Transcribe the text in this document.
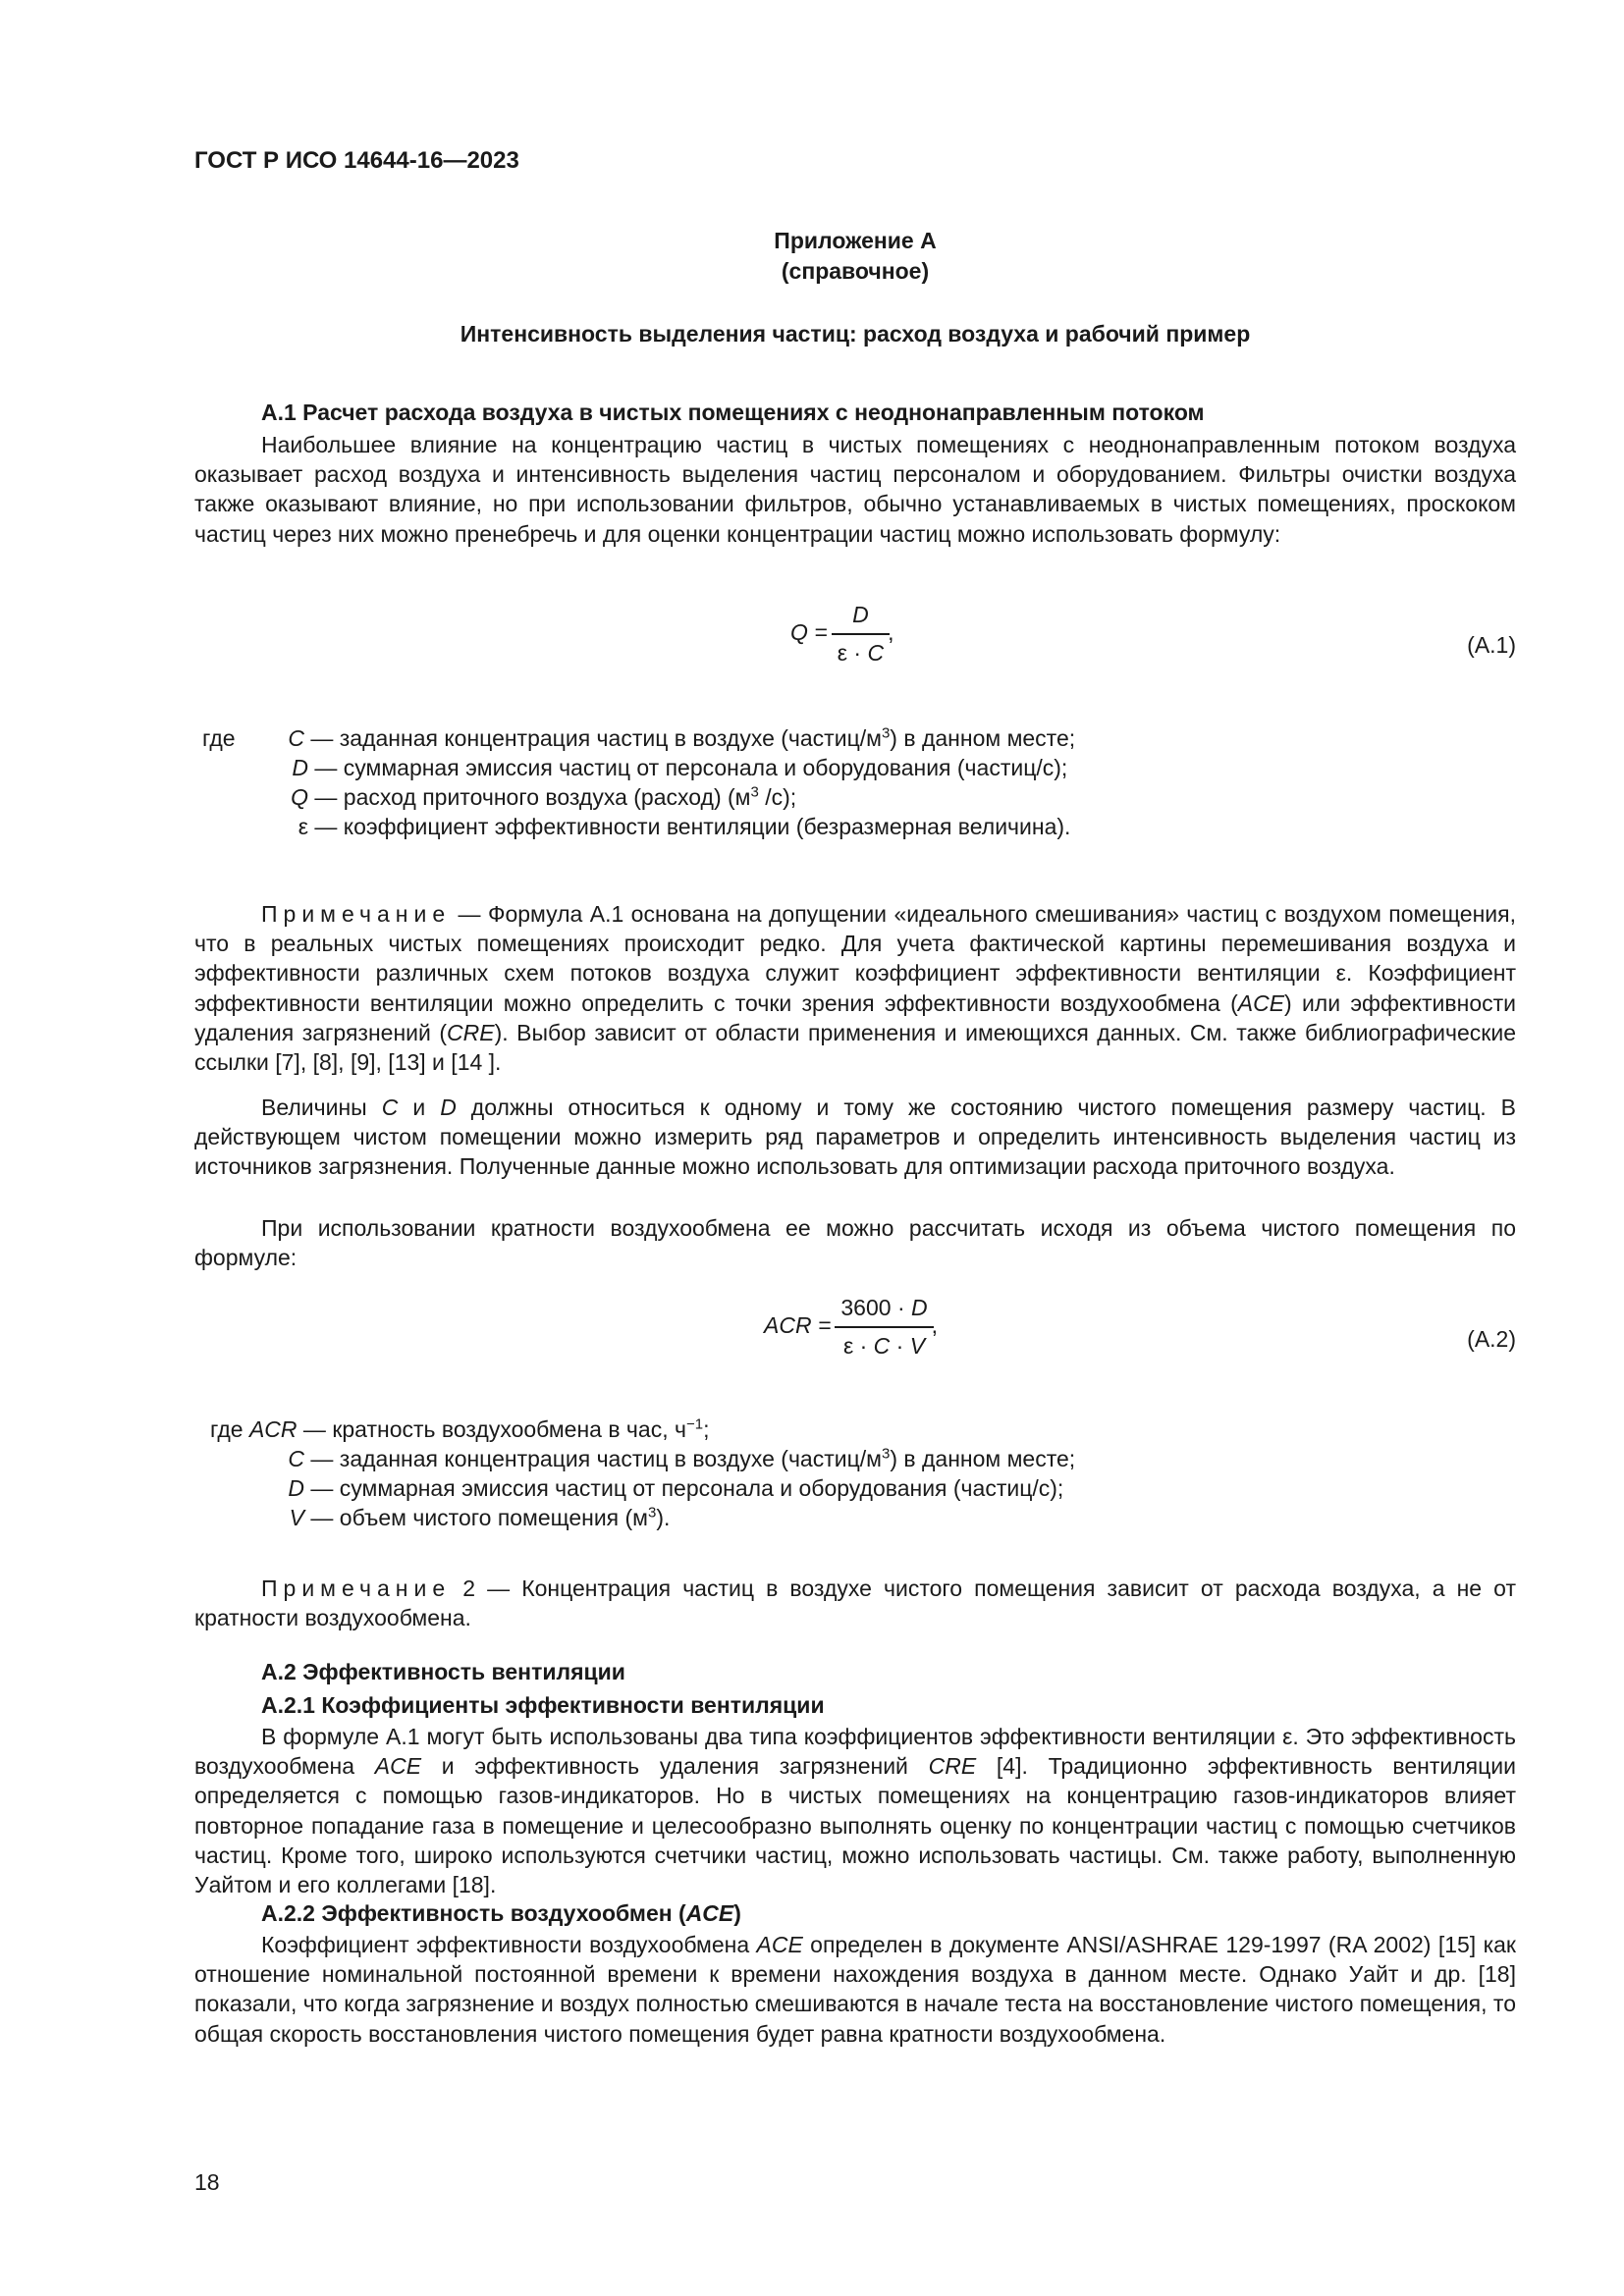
ГОСТ Р ИСО 14644-16—2023
Приложение А
(справочное)
Интенсивность выделения частиц: расход воздуха и рабочий пример
А.1 Расчет расхода воздуха в чистых помещениях с неоднонаправленным потоком
Наибольшее влияние на концентрацию частиц в чистых помещениях с неоднонаправленным потоком воздуха оказывает расход воздуха и интенсивность выделения частиц персоналом и оборудованием. Фильтры очистки воздуха также оказывают влияние, но при использовании фильтров, обычно устанавливаемых в чистых помещениях, проскоком частиц через них можно пренебречь и для оценки концентрации частиц можно использовать формулу:
$Q = \frac{D}{\varepsilon \cdot C}$
,	(А.1)
где C — заданная концентрация частиц в воздухе $(частиц/м^3)$ в данном месте;
D — суммарная эмиссия частиц от персонала и оборудования (частиц/с);
Q — расход приточного воздуха (расход) ($м^3$ /с);
ε — коэффициент эффективности вентиляции (безразмерная величина).
Примечание — Формула А.1 основана на допущении «идеального смешивания» частиц с воздухом помещения, что в реальных чистых помещениях происходит редко. Для учета фактической картины перемешивания воздуха и эффективности различных схем потоков воздуха служит коэффициент эффективности вентиляции ε. Коэффициент эффективности вентиляции можно определить с точки зрения эффективности воздухообмена (ACE) или эффективности удаления загрязнений (CRE). Выбор зависит от области применения и имеющихся данных. См. также библиографические ссылки [7], [8], [9], [13] и [14 ].
Величины C и D должны относиться к одному и тому же состоянию чистого помещения размеру частиц. В действующем чистом помещении можно измерить ряд параметров и определить интенсивность выделения частиц из источников загрязнения. Полученные данные можно использовать для оптимизации расхода приточного воздуха.
При использовании кратности воздухообмена ее можно рассчитать исходя из объема чистого помещения по формуле:
ACR = $\frac{3600 \cdot D}{\varepsilon \cdot C \cdot V}$
,
(А.2)
где ACR — кратность воздухообмена в час, $ч^{-1}$;
C — заданная концентрация частиц в воздухе $(частиц/м^3)$ в данном месте;
D — суммарная эмиссия частиц от персонала и оборудования (частиц/с);
V — объем чистого помещения $(м^3)$.
Примечание 2 — Концентрация частиц в воздухе чистого помещения зависит от расхода воздуха, а не от кратности воздухообмена.
А.2 Эффективность вентиляции
А.2.1 Коэффициенты эффективности вентиляции
В формуле А.1 могут быть использованы два типа коэффициентов эффективности вентиляции ε. Это эффективность воздухообмена ACE и эффективность удаления загрязнений CRE [4]. Традиционно эффективность вентиляции определяется с помощью газов-индикаторов. Но в чистых помещениях на концентрацию газов-индикаторов влияет повторное попадание газа в помещение и целесообразно выполнять оценку по концентрации частиц с помощью счетчиков частиц. Кроме того, широко используются счетчики частиц, можно использовать частицы. См. также работу, выполненную Уайтом и его коллегами [18].
А.2.2 Эффективность воздухообмен (ACE)
Коэффициент эффективности воздухообмена ACE определен в документе ANSI/ASHRAE 129-1997 (RA 2002) [15] как отношение номинальной постоянной времени к времени нахождения воздуха в данном месте. Однако Уайт и др. [18] показали, что когда загрязнение и воздух полностью смешиваются в начале теста на восстановление чистого помещения, то общая скорость восстановления чистого помещения будет равна кратности воздухообмена.
18
